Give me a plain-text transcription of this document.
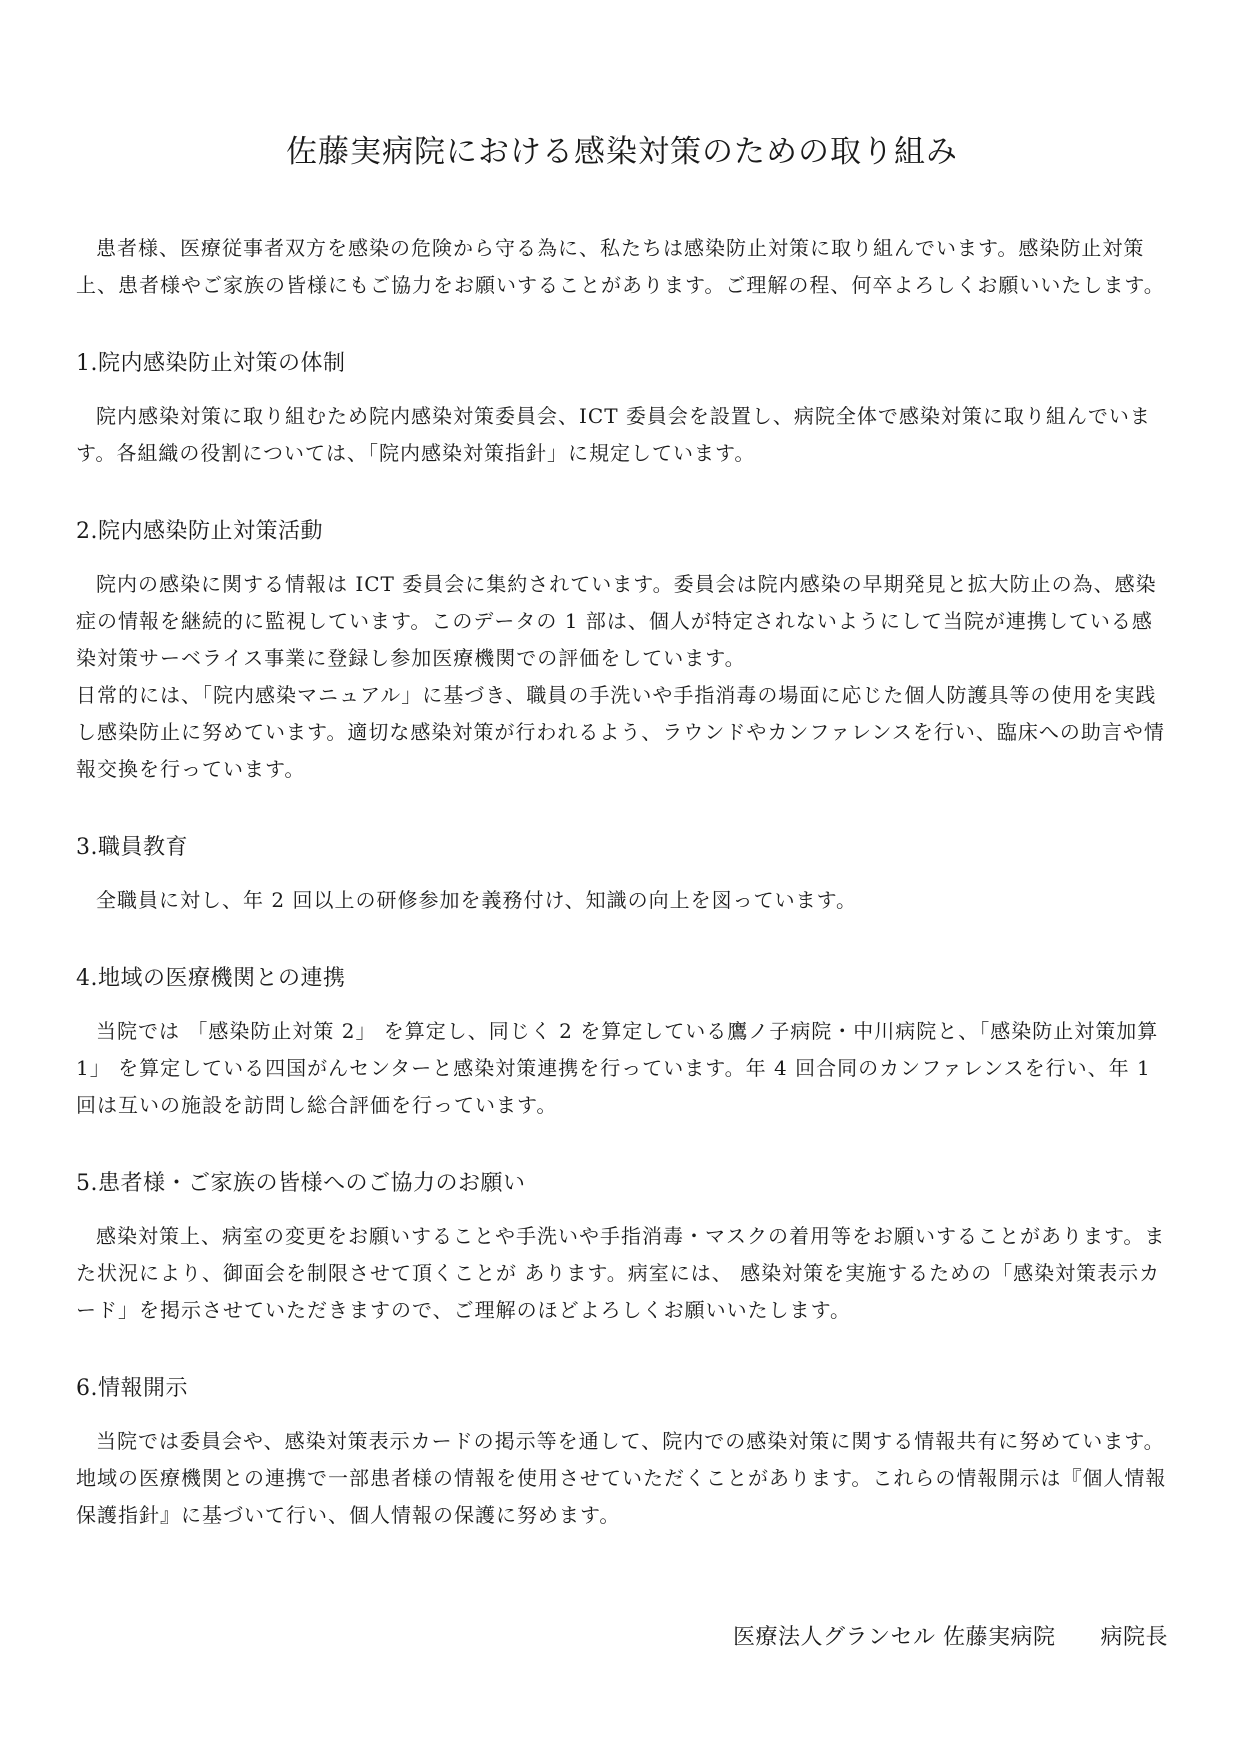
佐藤実病院における感染対策のための取り組み

患者様、医療従事者双方を感染の危険から守る為に、私たちは感染防止対策に取り組んでいます。感染防止対策上、患者様やご家族の皆様にもご協力をお願いすることがあります。ご理解の程、何卒よろしくお願いいたします。

1.院内感染防止対策の体制

院内感染対策に取り組むため院内感染対策委員会、ICT 委員会を設置し、病院全体で感染対策に取り組んでいます。各組織の役割については、「院内感染対策指針」に規定しています。

2.院内感染防止対策活動

院内の感染に関する情報は ICT 委員会に集約されています。委員会は院内感染の早期発見と拡大防止の為、感染症の情報を継続的に監視しています。このデータの 1 部は、個人が特定されないようにして当院が連携している感染対策サーベライス事業に登録し参加医療機関での評価をしています。

日常的には、「院内感染マニュアル」に基づき、職員の手洗いや手指消毒の場面に応じた個人防護具等の使用を実践し感染防止に努めています。適切な感染対策が行われるよう、ラウンドやカンファレンスを行い、臨床への助言や情報交換を行っています。

3.職員教育

全職員に対し、年 2 回以上の研修参加を義務付け、知識の向上を図っています。

4.地域の医療機関との連携

当院では 「感染防止対策 2」 を算定し、同じく 2 を算定している鷹ノ子病院・中川病院と、「感染防止対策加算 1」 を算定している四国がんセンターと感染対策連携を行っています。年 4 回合同のカンファレンスを行い、年 1 回は互いの施設を訪問し総合評価を行っています。

5.患者様・ご家族の皆様へのご協力のお願い

感染対策上、病室の変更をお願いすることや手洗いや手指消毒・マスクの着用等をお願いすることがあります。また状況により、御面会を制限させて頂くことが あります。病室には、 感染対策を実施するための「感染対策表示カード」を掲示させていただきますので、ご理解のほどよろしくお願いいたします。

6.情報開示

当院では委員会や、感染対策表示カードの掲示等を通して、院内での感染対策に関する情報共有に努めています。地域の医療機関との連携で一部患者様の情報を使用させていただくことがあります。これらの情報開示は『個人情報保護指針』に基づいて行い、個人情報の保護に努めます。

医療法人グランセル 佐藤実病院　　病院長
